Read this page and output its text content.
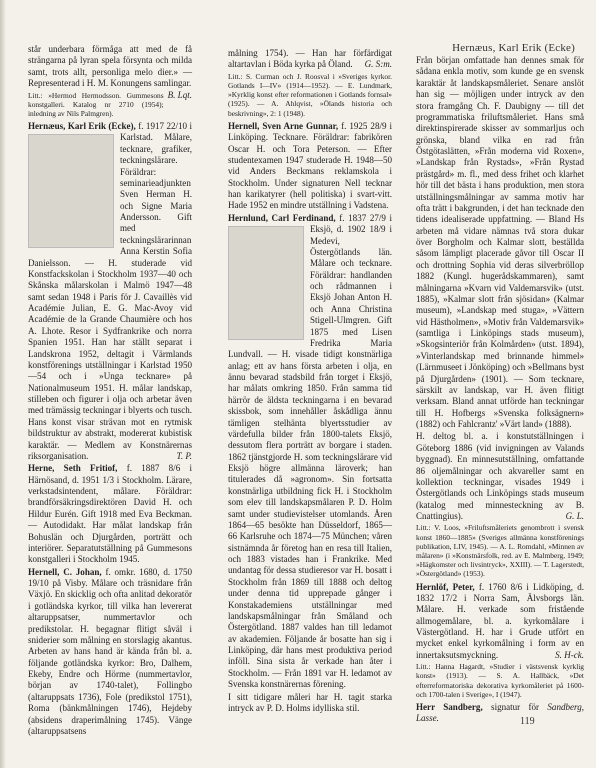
Hernæus, Karl Erik (Ecke)

står underbara förmåga att med de få strängarna på lyran spela försynta och milda samt, trots allt, personliga melo dier.» — Representerad i H. M. Konungens samlingar.
B. Lqt.

Litt.: »Hermod Hermodsson. Gummesons konstgalleri. Katalog nr 2710 (1954); inledning av Nils Palmgren).

Hernæus, Karl Erik (Ecke), f. 1917 22/10 i Karlstad. Målare, tecknare, grafiker, teckningslärare. Föräldrar: seminarieadjunkten Sven Herman H. och Signe Maria Andersson. Gift med teckningslärarinnan Anna Kerstin Sofia Danielsson. — H. studerade vid Konstfackskolan i Stockholm 1937—40 och Skånska målarskolan i Malmö 1947—48 samt sedan 1948 i Paris för J. Cavaillès vid Académie Julian, E. G. Mac-Avoy vid Académie de la Grande Chaumière och hos A. Lhote. Resor i Sydfrankrike och norra Spanien 1951. Han har ställt separat i Landskrona 1952, deltagit i Värmlands konstförenings utställningar i Karlstad 1950—54 och i »Unga tecknare» på Nationalmuseum 1951. H. målar landskap, stilleben och figurer i olja och arbetar även med trämässig teckningar i blyerts och tusch. Hans konst visar strävan mot en rytmisk bildstruktur av abstrakt, modererat kubistisk karaktär. — Medlem av Konstnärernas riksorganisation.	T. P.

Herne, Seth Fritiof, f. 1887 8/6 i Härnösand, d. 1951 1/3 i Stockholm. Lärare, verkstadsintendent, målare. Föräldrar: brandförsäkringsdirektören David H. och Hildur Eurén. Gift 1918 med Eva Beckman. — Autodidakt. Har målat landskap från Bohuslän och Djurgården, porträtt och interiörer. Separatutställning på Gummesons konstgalleri i Stockholm 1945.

Hernell, C. Johan, f. omkr. 1680, d. 1750 19/10 på Visby. Målare och träsnidare från Växjö. En skicklig och ofta anlitad dekoratör i gotländska kyrkor, till vilka han levererat altaruppsatser, nummertavlor och predikstolar. H. begagnar flitigt såväl i sniderier som målning en storslagig akantus. Arbeten av hans hand är kända från bl. a. följande gotländska kyrkor: Bro, Dalhem, Ekeby, Endre och Hörme (nummertavlor, början av 1740-talet), Follingbo (altaruppsats 1736), Fole (predikstol 1751), Roma (bänkmålningen 1746), Hejdeby (absidens draperimålning 1745). Vänge (altaruppsatsens

målning 1754). — Han har förfärdigat altartavlan i Böda kyrka på Öland. G. S:m.

Litt.: S. Curman och J. Roosval i »Sveriges kyrkor. Gotlands I—IV» (1914—1952). — E. Lundmark, »Kyrklig konst efter reformationen i Gotlands fornsal» (1925). — A. Ahlqvist, »Ölands historia och beskrivning», 2: 1 (1948).

Hernell, Sven Arne Gunnar, f. 1925 28/9 i Linköping. Tecknare. Föräldrar: fabrikören Oscar H. och Tora Peterson. — Efter studentexamen 1947 studerade H. 1948—50 vid Anders Beckmans reklamskola i Stockholm. Under signaturen Nell tecknar han karikatyrer (hell politiska) i svart-vitt. Hade 1952 en mindre utställning i Vadstena.

Hernlund, Carl Ferdinand, f. 1837 27/9 i Eksjö, d. 1902 18/9 i Medevi, Östergötlands län. Målare och tecknare. Föräldrar: handlanden och rådmannen i Eksjö Johan Anton H. och Anna Christina Stigell-Ulmgren. Gift 1875 med Lisen Fredrika Maria Lundvall. — H. visade tidigt konstnärliga anlag; ett av hans första arbeten i olja, en ännu bevarad stadsbild från torget i Eksjö, har målats omkring 1850. Från samma tid härrör de äldsta teckningarna i en bevarad skissbok, som innehåller åskådliga ännu tämligen stelhänta blyertsstudier av värdefulla bilder från 1800-talets Eksjö, dessutom flera porträtt av borgare i staden. 1862 tjänstgjorde H. som teckningslärare vid Eksjö högre allmänna läroverk; han titulerades då »agronom». Sin fortsatta konstnärliga utbildning fick H. i Stockholm som elev till landskapsmålaren P. D. Holm samt under studievistelser utomlands. Åren 1864—65 besökte han Düsseldorf, 1865—66 Karlsruhe och 1874—75 München; våren sistnämnda år företog han en resa till Italien, och 1883 vistades han i Frankrike. Med undantag för dessa studieresor var H. bosatt i Stockholm från 1869 till 1888 och deltog under denna tid upprepade gånger i Konstakademiens utställningar med landskapsmålningar från Småland och Östergötland. 1887 valdes han till ledamot av akademien. Följande år bosatte han sig i Linköping, där hans mest produktiva period inföll. Sina sista år verkade han åter i Stockholm. — Från 1891 var H. ledamot av Svenska konstnärernas förening.

I sitt tidigare måleri har H. tagit starka intryck av P. D. Holms idylliska stil.

Från början omfattade han dennes smak för sådana enkla motiv, som kunde ge en svensk karaktär åt landskapsmåleriet. Senare anslöt han sig — möjligen under intryck av den stora framgång Ch. F. Daubigny — till det programmatiska friluftsmåleriet. Hans små direktinspirerade skisser av sommarljus och grönska, bland vilka en rad från Östgötaslätten, »Från modernа vid Roxen», »Landskap från Rystads», »Från Rystad prästgård» m. fl., med dess frihet och klarhet hör till det bästa i hans produktion, men stora utställningsmålningar av samma motiv har ofta trätt i bakgrunden, i det han tecknade den tidens idealiserade uppfattning. — Bland Hs arbeten må vidare nämnas två stora dukar över Borgholm och Kalmar slott, beställda såsom lämpligt placerade gåvor till Oscar II och drottning Sophia vid deras silverbröllop 1882 (Kungl. hugerådskammaren), samt målningarna »Kvarn vid Valdemarsvik» (utst. 1885), »Kalmar slott från sjösidan» (Kalmar museum), »Landskap med stuga», »Vättern vid Hästholmen», »Motiv från Valdemarsvik» (samtliga i Linköpings stads museum), »Skogsinteriör från Kolmården» (utst. 1894), »Vinterlandskap med brinnande himmel» (Lärnmuseet i Jönköping) och »Bellmans byst på Djurgården» (1901). — Som tecknare, särskilt av landskap, var H. även flitigt verksam. Bland annat utförde han teckningar till H. Hofbergs »Svenska folksägnern» (1882) och Fahlcrantz' »Värt land» (1888).

H. deltog bl. a. i konstutställningen i Göteborg 1886 (vid invigningen av Valands byggnad). En minnesutställning, omfattande 86 oljemålningar och akvareller samt en kollektion teckningar, visades 1949 i Östergötlands och Linköpings stads museum (katalog med minnesteckning av B. Cnattingius).	G. L.

Litt.: V. Loos, »Friluftsmåleriets genombrott i svensk konst 1860—1885» (Sveriges allmänna konstförenings publikation, LIV, 1945). — A. L. Romdahl, »Minnen av målaren» (i »Konstnärsfolk, red. av E. Malmberg, 1949; »Hägkomster och livsintryck», XXIII). — T. Lagerstedt, »Östergötland» (1953).

Hernlöf, Peter, f. 1760 8/6 i Lidköping, d. 1832 17/2 i Norra Sam, Älvsborgs län. Målare. H. verkade som fristående allmogemålare, bl. a. kyrkomålare i Västergötland. H. har i Grude utfört en mycket enkel kyrkomålning i form av en innertaksutsmyckning.	S. H-ck.

Litt.: Hanna Hagardt, »Studier i västsvensk kyrklig konst» (1913). — S. A. Hallbäck, »Det efterreformatoriska dekorativa kyrkomåleriet på 1600- och 1700-talen i Sverige», I (1947).

Herr Sandberg, signatur för Sandberg, Lasse.	119
